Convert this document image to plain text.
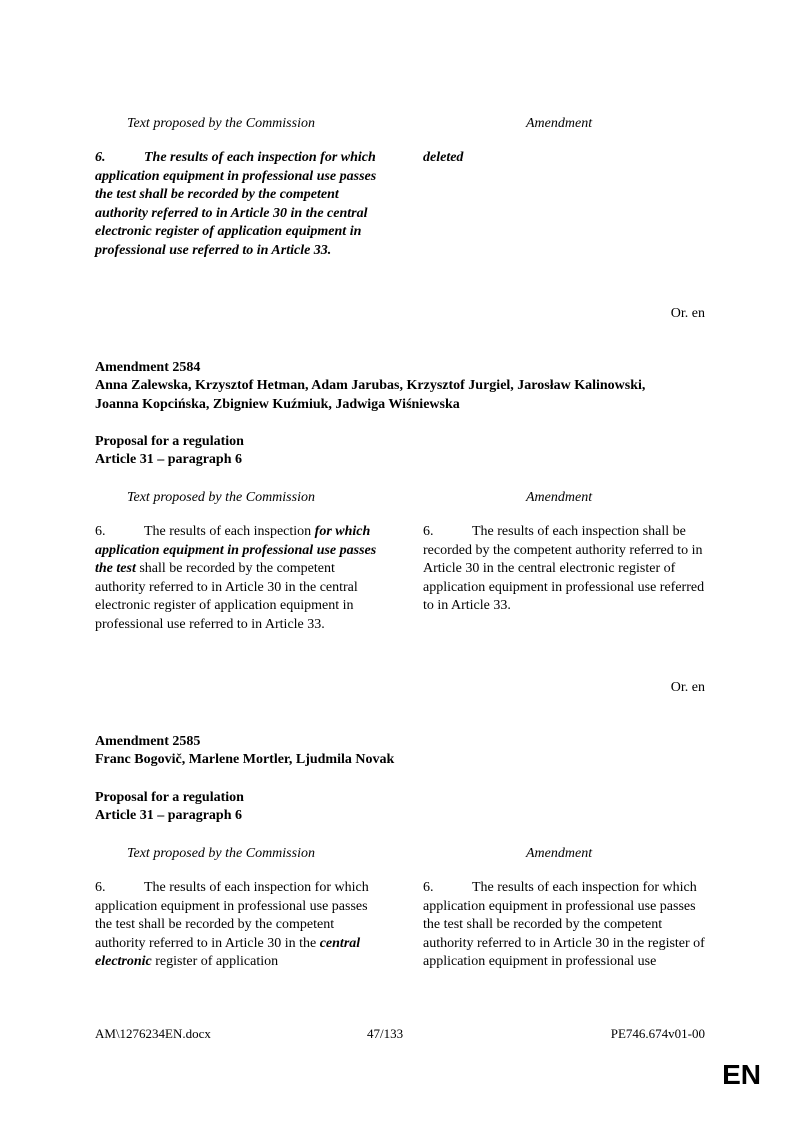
Text proposed by the Commission	Amendment
6.	The results of each inspection for which application equipment in professional use passes the test shall be recorded by the competent authority referred to in Article 30 in the central electronic register of application equipment in professional use referred to in Article 33.
deleted
Or. en
Amendment 2584
Anna Zalewska, Krzysztof Hetman, Adam Jarubas, Krzysztof Jurgiel, Jarosław Kalinowski, Joanna Kopcińska, Zbigniew Kuźmiuk, Jadwiga Wiśniewska
Proposal for a regulation
Article 31 – paragraph 6
Text proposed by the Commission	Amendment
6.	The results of each inspection for which application equipment in professional use passes the test shall be recorded by the competent authority referred to in Article 30 in the central electronic register of application equipment in professional use referred to in Article 33.
6.	The results of each inspection shall be recorded by the competent authority referred to in Article 30 in the central electronic register of application equipment in professional use referred to in Article 33.
Or. en
Amendment 2585
Franc Bogovič, Marlene Mortler, Ljudmila Novak
Proposal for a regulation
Article 31 – paragraph 6
Text proposed by the Commission	Amendment
6.	The results of each inspection for which application equipment in professional use passes the test shall be recorded by the competent authority referred to in Article 30 in the central electronic register of application
6.	The results of each inspection for which application equipment in professional use passes the test shall be recorded by the competent authority referred to in Article 30 in the register of application equipment in professional use
AM\1276234EN.docx	47/133	PE746.674v01-00
EN
